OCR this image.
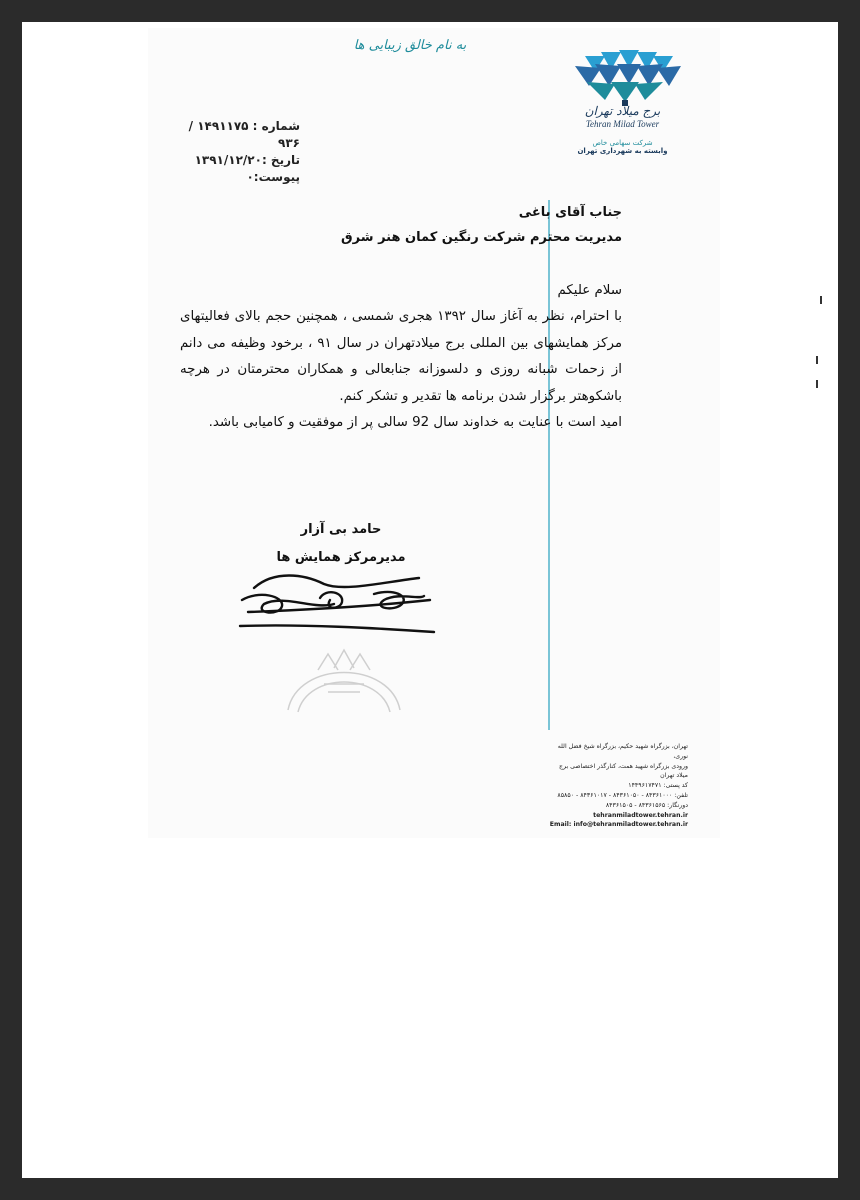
به نام خالق زیبایی ها
برج میلاد تهران
Tehran Milad Tower
شرکت سهامی خاص
وابسته به شهرداری تهران
شماره : ۱۴۹۱۱۷۵ /۹۳۶
تاریخ :۱۳۹۱/۱۲/۲۰
پیوست:۰
جناب آقای باغی
مدیریت محترم شرکت رنگین کمان هنر شرق
سلام علیکم
با احترام، نظر به آغاز سال ۱۳۹۲ هجری شمسی ، همچنین حجم بالای فعالیتهای مرکز همایشهای بین المللی برج میلادتهران در سال ۹۱ ، برخود وظیفه می دانم از زحمات شبانه روزی و دلسوزانه جنابعالی و همکاران محترمتان در هرچه باشکوهتر برگزار شدن برنامه ها تقدیر و تشکر کنم.
امید است با عنایت به خداوند سال 92 سالی پر از موفقیت و کامیابی باشد.
حامد بی آزار
مدیرمرکز همایش ها
تهران، بزرگراه شهید حکیم، بزرگراه شیخ فضل الله نوری،
ورودی بزرگراه شهید همت، کنارگذر اختصاصی برج میلاد تهران
کد پستی: ۱۴۴۹۶۱۷۴۷۱
تلفن: ۸۴۳۶۱۰۰۰ - ۸۴۳۶۱۰۵۰ - ۸۴۳۶۱۰۱۷ - ۸۵۸۵۰
دورنگار: ۸۴۳۶۱۵۶۵ - ۸۴۳۶۱۵۰۵
tehranmiladtower.tehran.ir
Email: info@tehranmiladtower.tehran.ir
